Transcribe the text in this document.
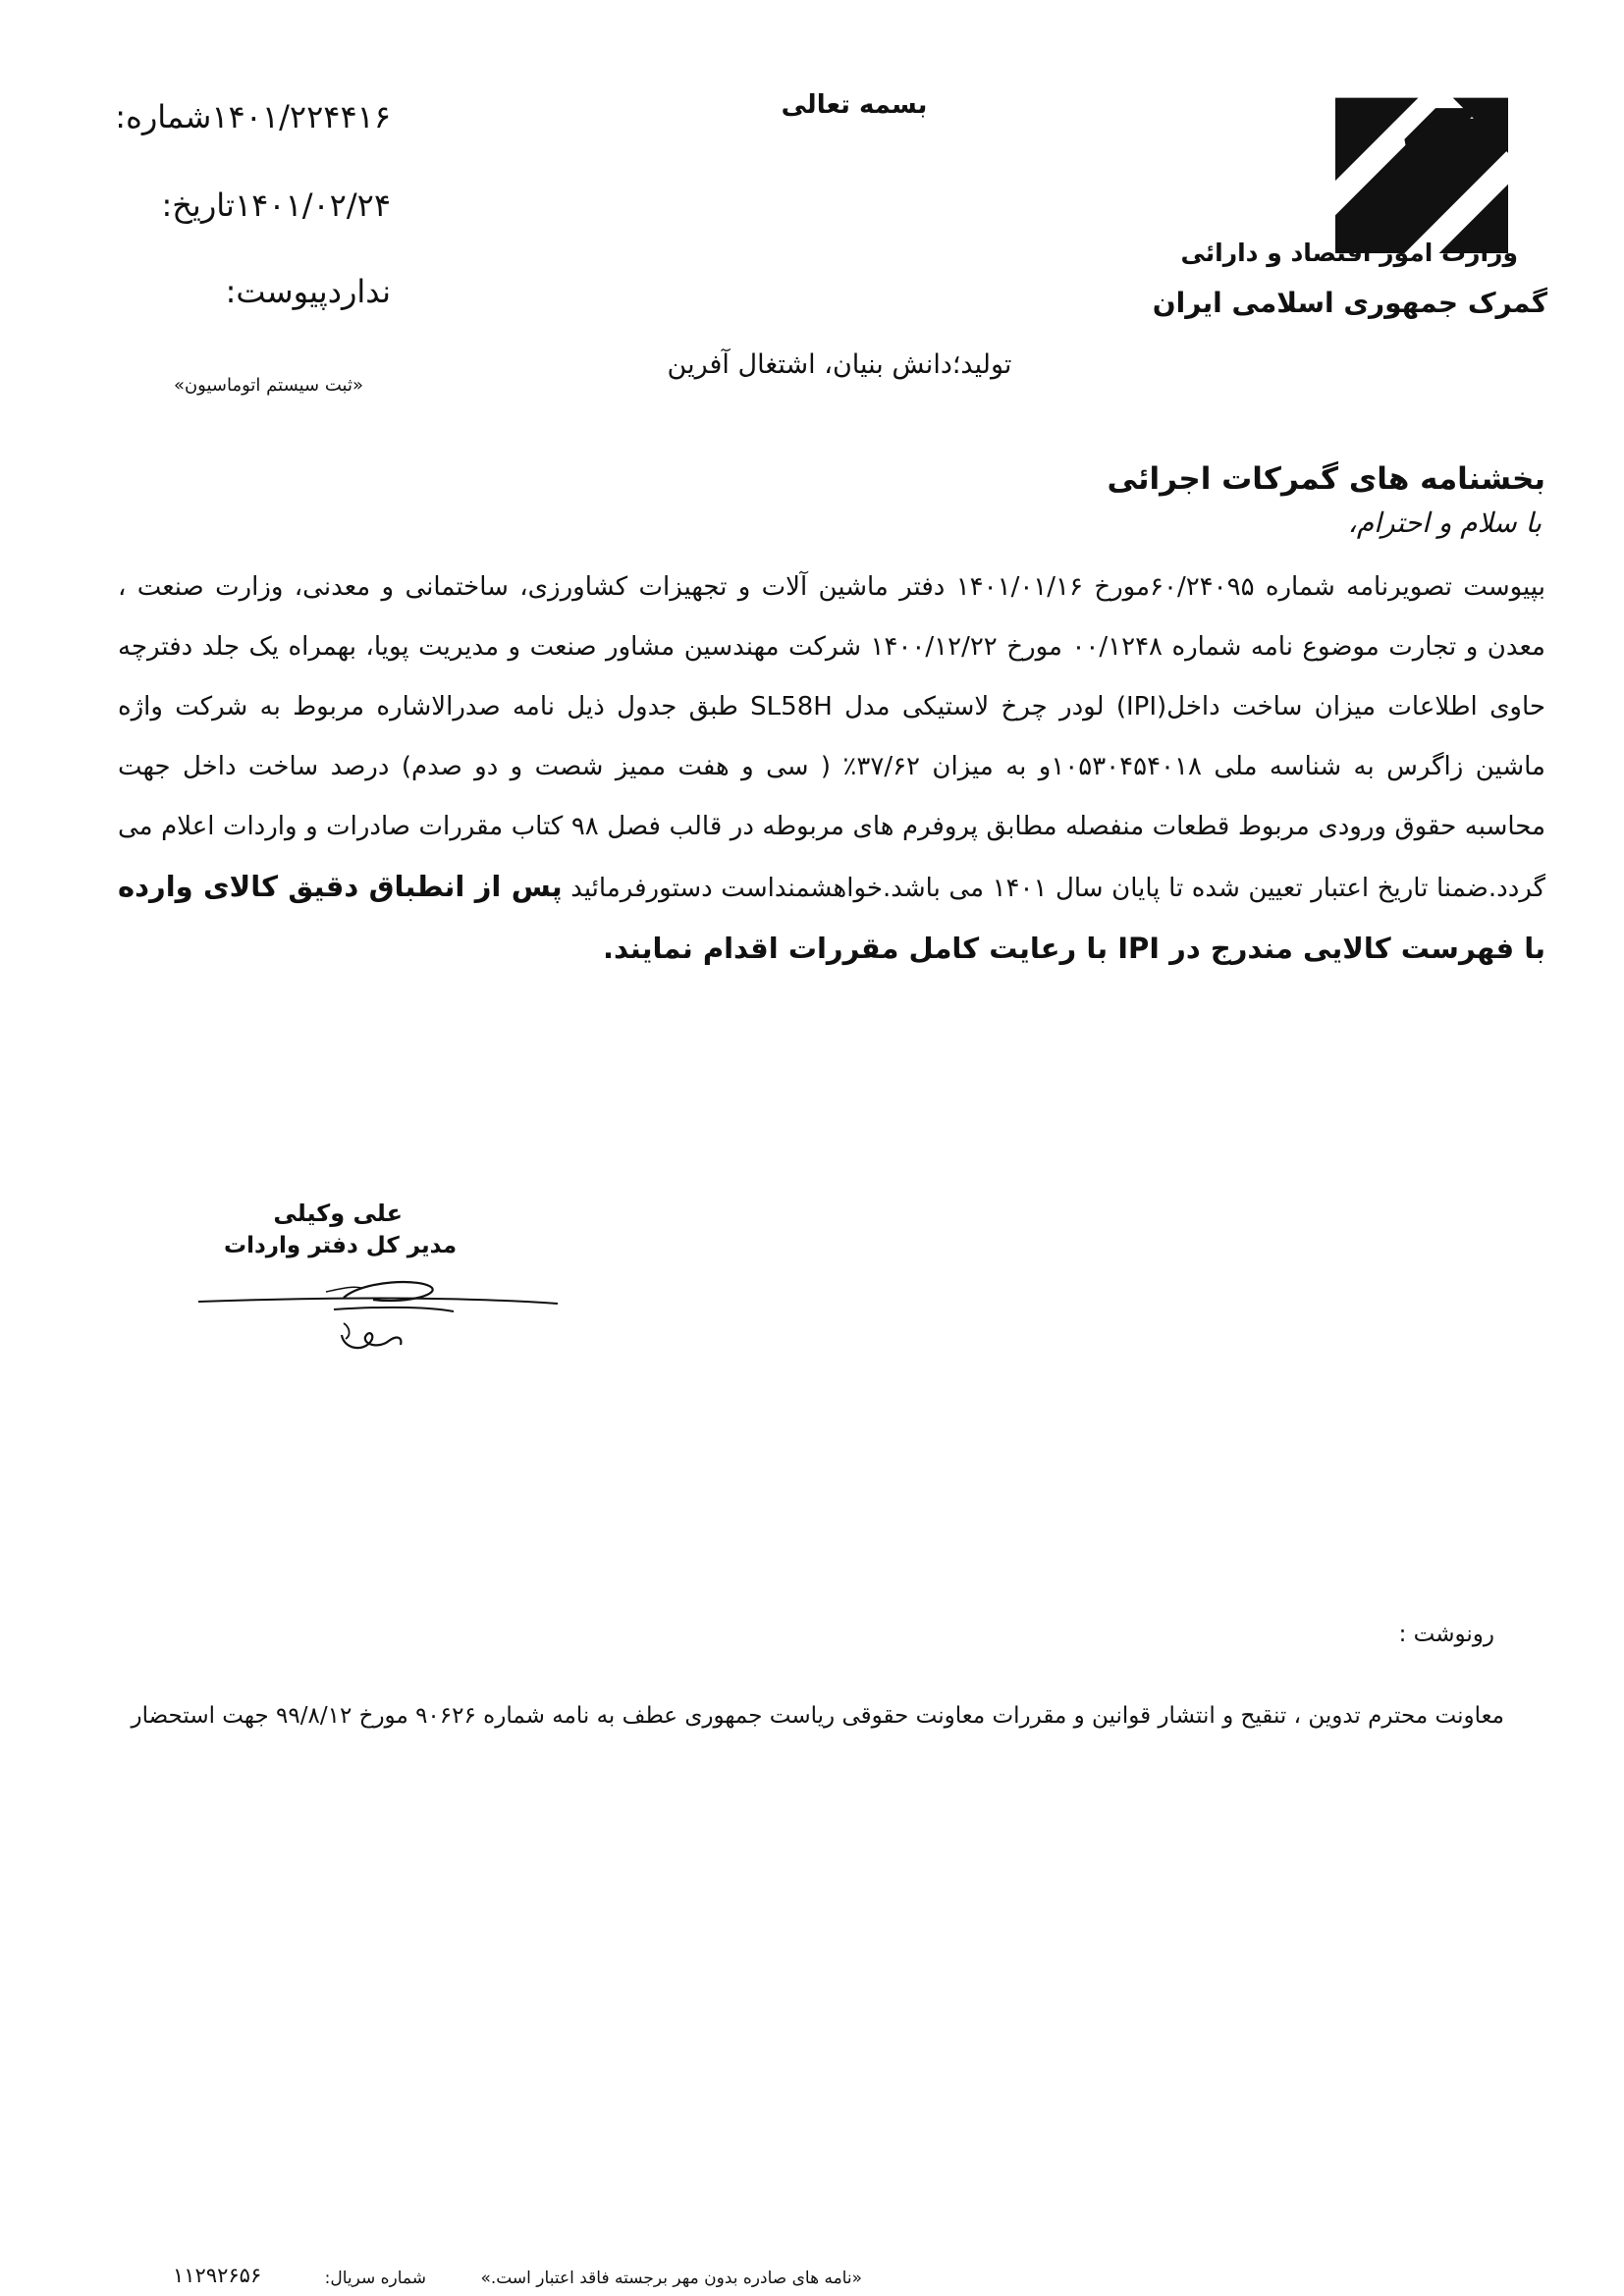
وزارت امور اقتصاد و دارائی
گمرک جمهوری اسلامی ایران
بسمه تعالی
تولید؛دانش بنیان، اشتغال آفرین
شماره:۱۴۰۱/۲۲۴۴۱۶
تاریخ:۱۴۰۱/۰۲/۲۴
پیوست:ندارد
«ثبت سیستم اتوماسیون»
بخشنامه های گمرکات اجرائی
با سلام و احترام،
بپیوست تصویرنامه شماره ۶۰/۲۴۰۹۵مورخ ۱۴۰۱/۰۱/۱۶ دفتر ماشین آلات و تجهیزات کشاورزی، ساختمانی و معدنی، وزارت صنعت ، معدن و تجارت موضوع نامه شماره ۰۰/۱۲۴۸ مورخ ۱۴۰۰/۱۲/۲۲ شرکت مهندسین مشاور صنعت و مدیریت پویا، بهمراه یک جلد دفترچه حاوی اطلاعات میزان ساخت داخل(IPI) لودر چرخ لاستیکی مدل SL58H طبق جدول ذیل نامه صدرالاشاره مربوط به شرکت واژه ماشین زاگرس به شناسه ملی ۱۰۵۳۰۴۵۴۰۱۸و به میزان ۳۷/۶۲٪ ( سی و هفت ممیز شصت و دو صدم) درصد ساخت داخل جهت محاسبه حقوق ورودی مربوط قطعات منفصله مطابق پروفرم های مربوطه در قالب فصل ۹۸ کتاب مقررات صادرات و واردات اعلام می گردد.ضمنا تاریخ اعتبار تعیین شده تا پایان سال ۱۴۰۱ می باشد.خواهشمنداست دستورفرمائید پس از انطباق دقیق کالای وارده با فهرست کالایی مندرج در IPI با رعایت کامل مقررات اقدام نمایند.
علی وکیلی
مدیر کل دفتر واردات
رونوشت :
معاونت محترم تدوین ، تنقیح و انتشار قوانین و مقررات معاونت حقوقی ریاست جمهوری عطف به نامه شماره ۹۰۶۲۶ مورخ ۹۹/۸/۱۲ جهت استحضار
«نامه های صادره بدون مهر برجسته فاقد اعتبار است.»
شماره سریال:
۱۱۲۹۲۶۵۶
